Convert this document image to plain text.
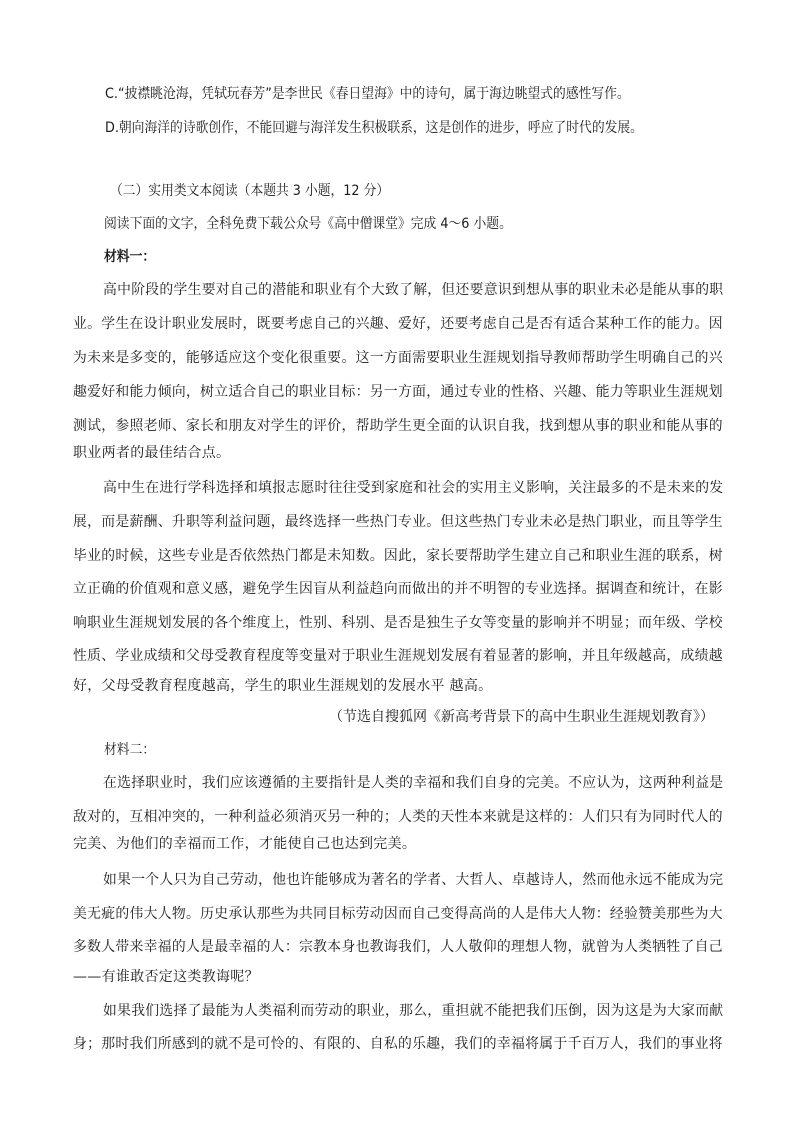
C.“披襟眺沧海，凭轼玩春芳”是李世民《春日望海》中的诗句，属于海边眺望式的感性写作。
D.朝向海洋的诗歌创作，不能回避与海洋发生积极联系，这是创作的进步，呼应了时代的发展。
（二）实用类文本阅读（本题共 3 小题，12 分）
阅读下面的文字，全科免费下载公众号《高中僧课堂》完成 4～6 小题。
材料一：
高中阶段的学生要对自己的潜能和职业有个大致了解，但还要意识到想从事的职业未必是能从事的职
业。学生在设计职业发展时，既要考虑自己的兴趣、爱好，还要考虑自己是否有适合某种工作的能力。因
为未来是多变的，能够适应这个变化很重要。这一方面需要职业生涯规划指导教师帮助学生明确自己的兴
趣爱好和能力倾向，树立适合自己的职业目标：另一方面，通过专业的性格、兴趣、能力等职业生涯规划
测试，参照老师、家长和朋友对学生的评价，帮助学生更全面的认识自我，找到想从事的职业和能从事的
职业两者的最佳结合点。
高中生在进行学科选择和填报志愿时往往受到家庭和社会的实用主义影响，关注最多的不是未来的发
展，而是薪酬、升职等利益问题，最终选择一些热门专业。但这些热门专业未必是热门职业，而且等学生
毕业的时候，这些专业是否依然热门都是未知数。因此，家长要帮助学生建立自己和职业生涯的联系，树
立正确的价值观和意义感，避免学生因盲从利益趋向而做出的并不明智的专业选择。据调查和统计，在影
响职业生涯规划发展的各个维度上，性别、科别、是否是独生子女等变量的影响并不明显；而年级、学校
性质、学业成绩和父母受教育程度等变量对于职业生涯规划发展有着显著的影响，并且年级越高，成绩越
好，父母受教育程度越高，学生的职业生涯规划的发展水平 越高。
（节选自搜狐网《新高考背景下的高中生职业生涯规划教育》）
材料二：
在选择职业时，我们应该遵循的主要指针是人类的幸福和我们自身的完美。不应认为，这两种利益是
敌对的，互相冲突的，一种利益必须消灭另一种的；人类的天性本来就是这样的：人们只有为同时代人的
完美、为他们的幸福而工作，才能使自己也达到完美。
如果一个人只为自己劳动，他也许能够成为著名的学者、大哲人、卓越诗人，然而他永远不能成为完
美无疵的伟大人物。历史承认那些为共同目标劳动因而自己变得高尚的人是伟大人物：经验赞美那些为大
多数人带来幸福的人是最幸福的人：宗教本身也教诲我们，人人敬仰的理想人物，就曾为人类牺牲了自己
——有谁敢否定这类教诲呢？
如果我们选择了最能为人类福利而劳动的职业，那么，重担就不能把我们压倒，因为这是为大家而献
身；那时我们所感到的就不是可怜的、有限的、自私的乐趣，我们的幸福将属于千百万人，我们的事业将
